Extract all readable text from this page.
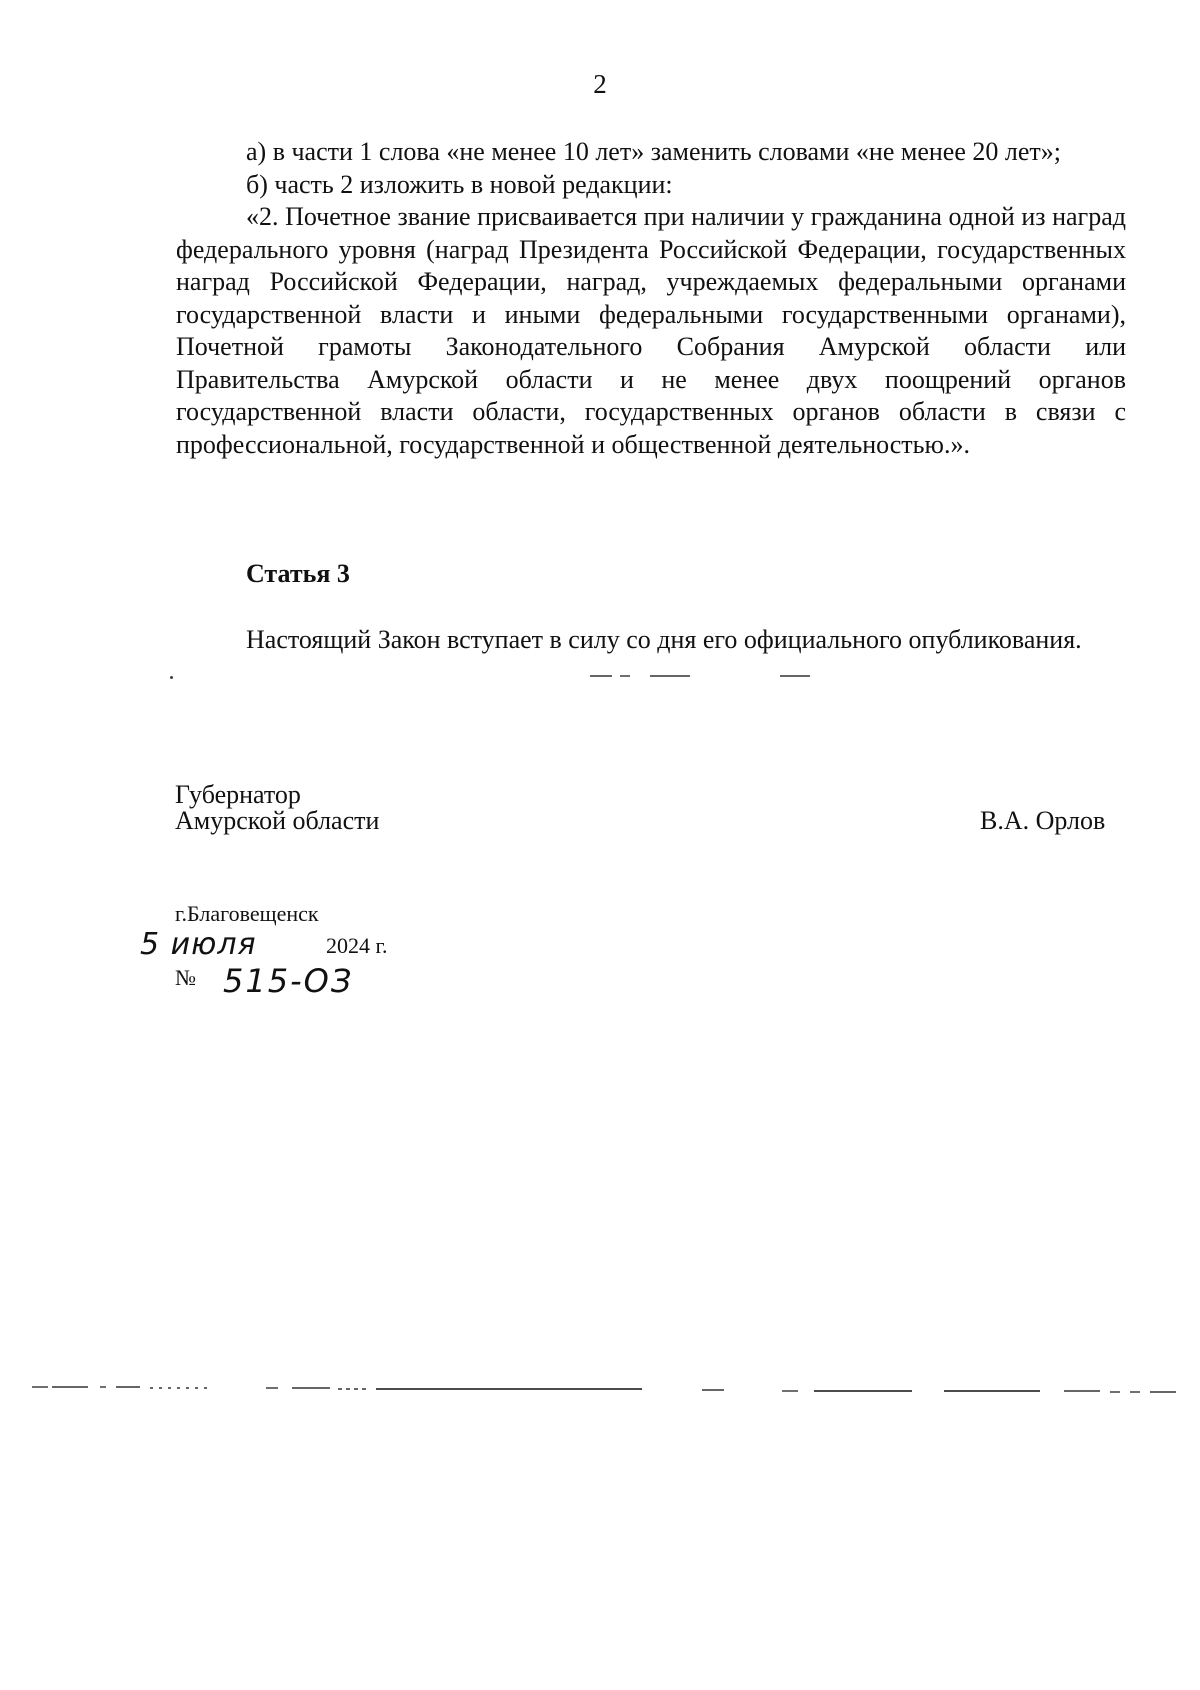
2

а) в части 1 слова «не менее 10 лет» заменить словами «не менее 20 лет»;

б) часть 2 изложить в новой редакции:

«2. Почетное звание присваивается при наличии у гражданина одной из наград федерального уровня (наград Президента Российской Федерации, государственных наград Российской Федерации, наград, учреждаемых федеральными органами государственной власти и иными федеральными государственными органами), Почетной грамоты Законодательного Собрания Амурской области или Правительства Амурской области и не менее двух поощрений органов государственной власти области, государственных органов области в связи с профессиональной, государственной и общественной деятельностью.».

Статья 3

Настоящий Закон вступает в силу со дня его официального опубликования.

Губернатор
Амурской области	В.А. Орлов
г.Благовещенск
5 июля	2024 г.
№ 515-ОЗ
